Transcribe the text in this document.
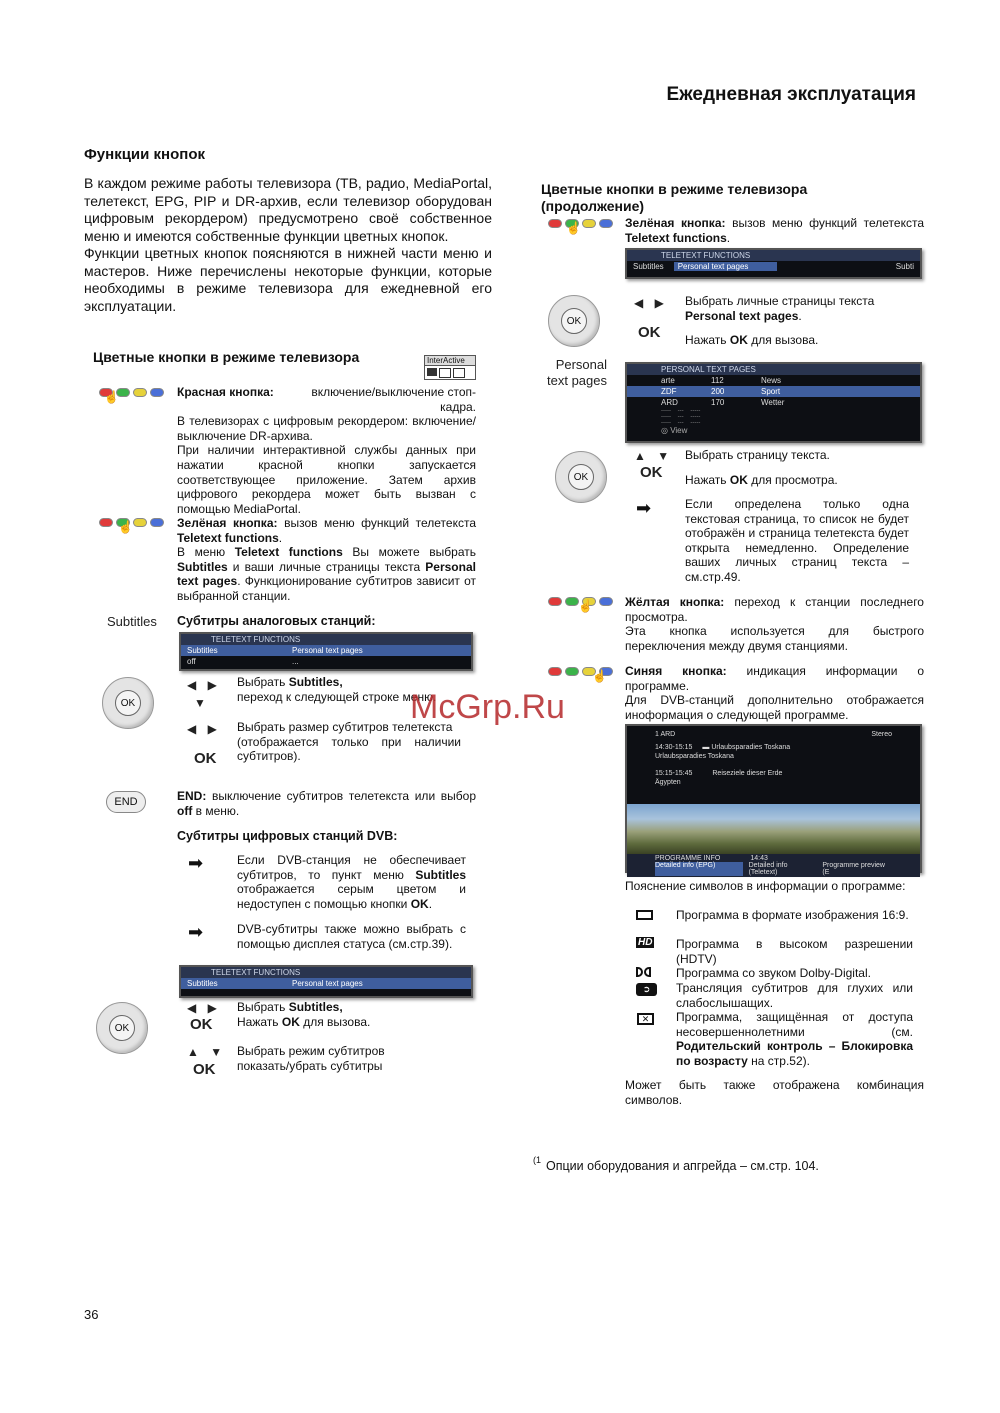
Ежедневная эксплуатация
Функции кнопок
В каждом режиме работы телевизора (ТВ, радио, MediaPortal, телетекст, EPG, PIP и DR-архив, если телевизор оборудован цифровым рекордером) предусмотрено своё собственное меню и имеются собственные функции цветных кнопок.
Функции цветных кнопок поясняются в нижней части меню и мастеров. Ниже перечислены некоторые функции, которые необходимы в режиме телевизора для ежедневной его эксплуатации.
Цветные кнопки в режиме телевизора	InterActive
☝	Красная кнопка:	включение/выключение стоп-кадра.
В телевизорах с цифровым рекордером: включение/выключение DR-архива.
При наличии интерактивной службы данных при нажатии красной кнопки запускается соответствующее приложение. Затем архив цифрового рекордера может быть вызван с помощью MediaPortal.
☝	Зелёная кнопка: вызов меню функций телетекста Teletext functions.
В меню Teletext functions Вы можете выбрать Subtitles и ваши личные страницы текста Personal text pages. Функционирование субтитров зависит от выбранной станции.
Subtitles Субтитры аналоговых станций:
TELETEXT FUNCTIONS
Subtitles	Personal text pages
off	...
OK
◀ ▶
▼
Выбрать Subtitles,
переход к следующей строке меню.
◀ ▶
OK
Выбрать размер субтитров телетекста
(отображается только при наличии субтитров).
END	END: выключение субтитров телетекста или выбор off в меню.
Субтитры цифровых станций DVB:
➡	Если DVB-станция не обеспечивает субтитров, то пункт меню Subtitles отображается серым цветом и недоступен с помощью кнопки OK.
➡	DVB-субтитры также можно выбрать с помощью дисплея статуса (см.стр.39).
TELETEXT FUNCTIONS
Subtitles	Personal text pages
OK
◀ ▶
OK
Выбрать Subtitles,
Нажать OK для вызова.
▲ ▼
OK
Выбрать режим субтитров
показать/убрать субтитры
Цветные кнопки в режиме телевизора (продолжение)
☝	Зелёная кнопка: вызов меню функций телетекста Teletext functions.
TELETEXT FUNCTIONS
Subtitles	Personal text pages	Subti
OK
◀ ▶
OK
Выбрать личные страницы текста
Personal text pages.
Нажать OK для вызова.
Personal text pages
PERSONAL TEXT PAGES
arte	112	News
ZDF	200	Sport
ARD	170	Wetter
-----    ---    -----
-----    ---    -----
-----    ---    -----
◎ View
OK
▲ ▼
OK
Выбрать страницу текста.
Нажать OK для просмотра.
➡	Если определена только одна текстовая страница, то список не будет отображён и страница телетекста будет открыта немедленно. Определение ваших личных страниц текста – см.стр.49.
☝	Жёлтая кнопка: переход к станции последнего просмотра.
Эта кнопка используется для быстрого переключения между двумя станциями.
☝ Синяя кнопка: индикация информации о программе.
Для DVB-станций дополнительно отображается иноформация о следующей программе.
1 ARD	Stereo
14:30-15:15 ▬ Urlaubsparadies Toskana
Urlaubsparadies Toskana
15:15-15:45	Reiseziele dieser Erde
Ägypten
PROGRAMME INFO	14:43
Detailed info (EPG)	Detailed info (Teletext)
Programme preview (E
Пояснение символов в информации о программе:
Программа в формате изображения 16:9.
HD Программа в высоком разрешении (HDTV)
Программа со звуком Dolby-Digital.
➲	Трансляция субтитров для глухих или слабослышащих.
✕	Программа, защищённая от доступа несовершеннолетними (см. Родительский контроль – Блокировка по возрасту на стр.52).
Может быть также отображена комбинация символов.
(1 Опции оборудования и апгрейда – см.стр. 104.
McGrp.Ru
36
